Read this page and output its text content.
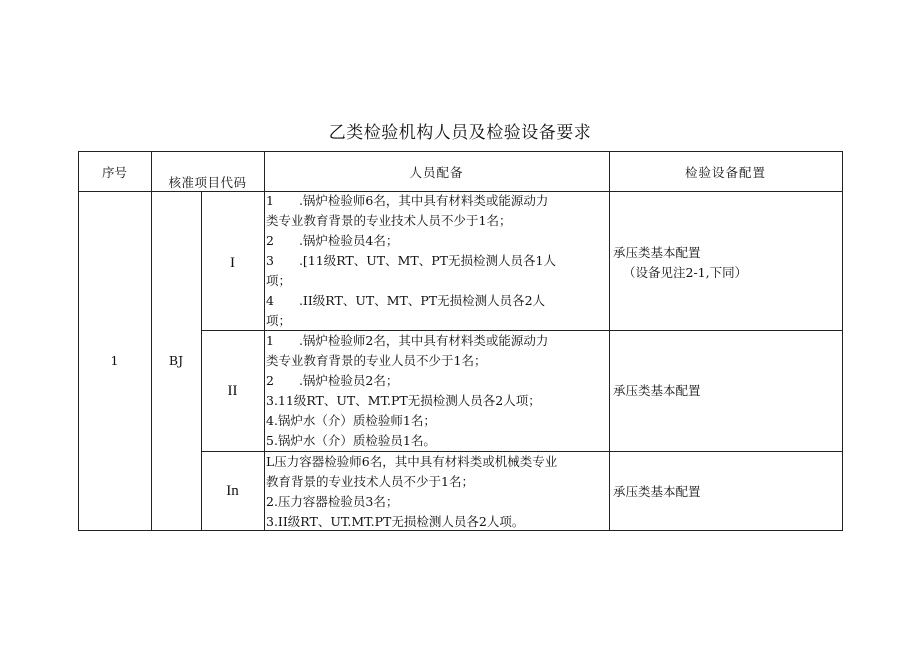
乙类检验机构人员及检验设备要求
序号
核准项目代码
人员配备	检验设备配置
1	BJ
I
II
In
1　　.锅炉检验师6名，其中具有材料类或能源动力
类专业教育背景的专业技术人员不少于1名；
2　　.锅炉检验员4名；
3　　.[11级RT、UT、MT、PT无损检测人员各1人
项；
4　　.II级RT、UT、MT、PT无损检测人员各2人
项；
1　　.锅炉检验师2名，其中具有材料类或能源动力
类专业教育背景的专业人员不少于1名；
2　　.锅炉检验员2名；
3.11级RT、UT、MT.PT无损检测人员各2人项；
4.锅炉水（介）质检验师1名；
5.锅炉水（介）质检验员1名。
L压力容器检验师6名，其中具有材料类或机械类专业
教育背景的专业技术人员不少于1名；
2.压力容器检验员3名；
3.II级RT、UT.MT.PT无损检测人员各2人项。
承压类基本配置
（设备见注2-1,下同）
承压类基本配置
承压类基本配置
